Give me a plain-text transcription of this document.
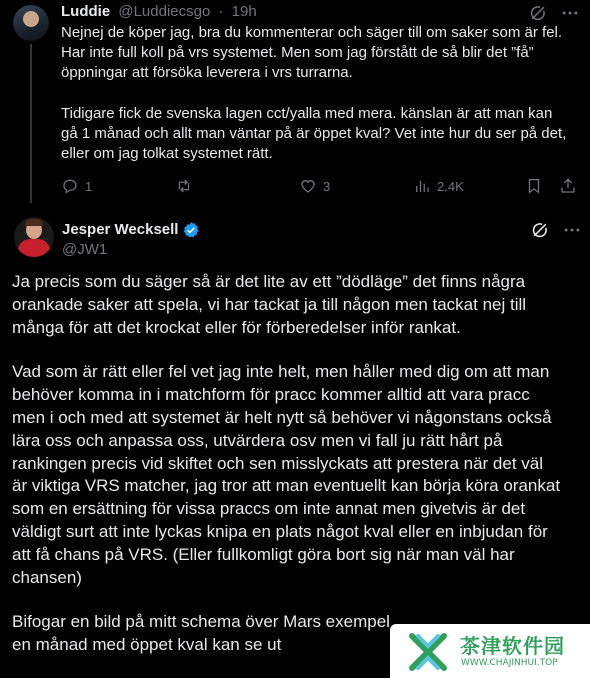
Luddie @Luddiecsgo · 19h

Nejnej de köper jag, bra du kommenterar och säger till om saker som är fel.
Har inte full koll på vrs systemet. Men som jag förstått de så blir det ”få”
öppningar att försöka leverera i vrs turrarna.

Tidigare fick de svenska lagen cct/yalla med mera. känslan är att man kan
gå 1 månad och allt man väntar på är öppet kval? Vet inte hur du ser på det,
eller om jag tolkat systemet rätt.

1	3	2.4K
Jesper Wecksell
@JW1

Ja precis som du säger så är det lite av ett ”dödläge” det finns några
orankade saker att spela, vi har tackat ja till någon men tackat nej till
många för att det krockat eller för förberedelser inför rankat.

Vad som är rätt eller fel vet jag inte helt, men håller med dig om att man
behöver komma in i matchform för pracc kommer alltid att vara pracc
men i och med att systemet är helt nytt så behöver vi någonstans också
lära oss och anpassa oss, utvärdera osv men vi fall ju rätt hårt på
rankingen precis vid skiftet och sen misslyckats att prestera när det väl
är viktiga VRS matcher, jag tror att man eventuellt kan börja köra orankat
som en ersättning för vissa praccs om inte annat men givetvis är det
väldigt surt att inte lyckas knipa en plats något kval eller en inbjudan för
att få chans på VRS. (Eller fullkomligt göra bort sig när man väl har
chansen)

Bifogar en bild på mitt schema över Mars exempel
en månad med öppet kval kan se ut	茶津软件园
WWW.CHAJINHUI.TOP
